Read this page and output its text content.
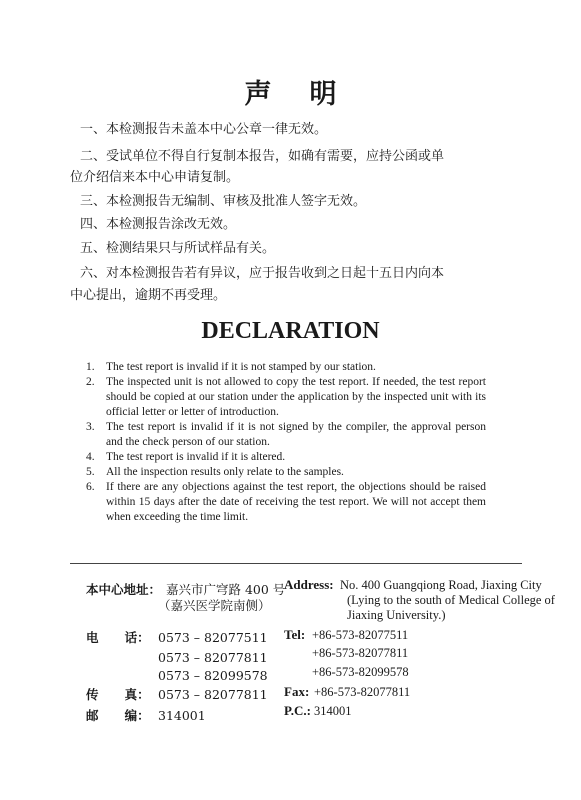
声明
一、本检测报告未盖本中心公章一律无效。
二、受试单位不得自行复制本报告，如确有需要，应持公函或单
位介绍信来本中心申请复制。
三、本检测报告无编制、审核及批准人签字无效。
四、本检测报告涂改无效。
五、检测结果只与所试样品有关。
六、对本检测报告若有异议，应于报告收到之日起十五日内向本
中心提出，逾期不再受理。
DECLARATION
1. The test report is invalid if it is not stamped by our station.
2. The inspected unit is not allowed to copy the test report. If needed, the test report should be copied at our station under the application by the inspected unit with its official letter or letter of introduction.
3. The test report is invalid if it is not signed by the compiler, the approval person and the check person of our station.
4. The test report is invalid if it is altered.
5. All the inspection results only relate to the samples.
6. If there are any objections against the test report, the objections should be raised within 15 days after the date of receiving the test report. We will not accept them when exceeding the time limit.
本中心地址： 嘉兴市广穹路 400 号
（嘉兴医学院南侧）
电      话： 0573 – 82077511
0573 – 82077811
0573 – 82099578
传      真： 0573 – 82077811
邮      编： 314001
Address: No. 400 Guangqiong Road, Jiaxing City
(Lying to the south of Medical College of
Jiaxing University.)
Tel: +86-573-82077511
+86-573-82077811
+86-573-82099578
Fax: +86-573-82077811
P.C.: 314001
